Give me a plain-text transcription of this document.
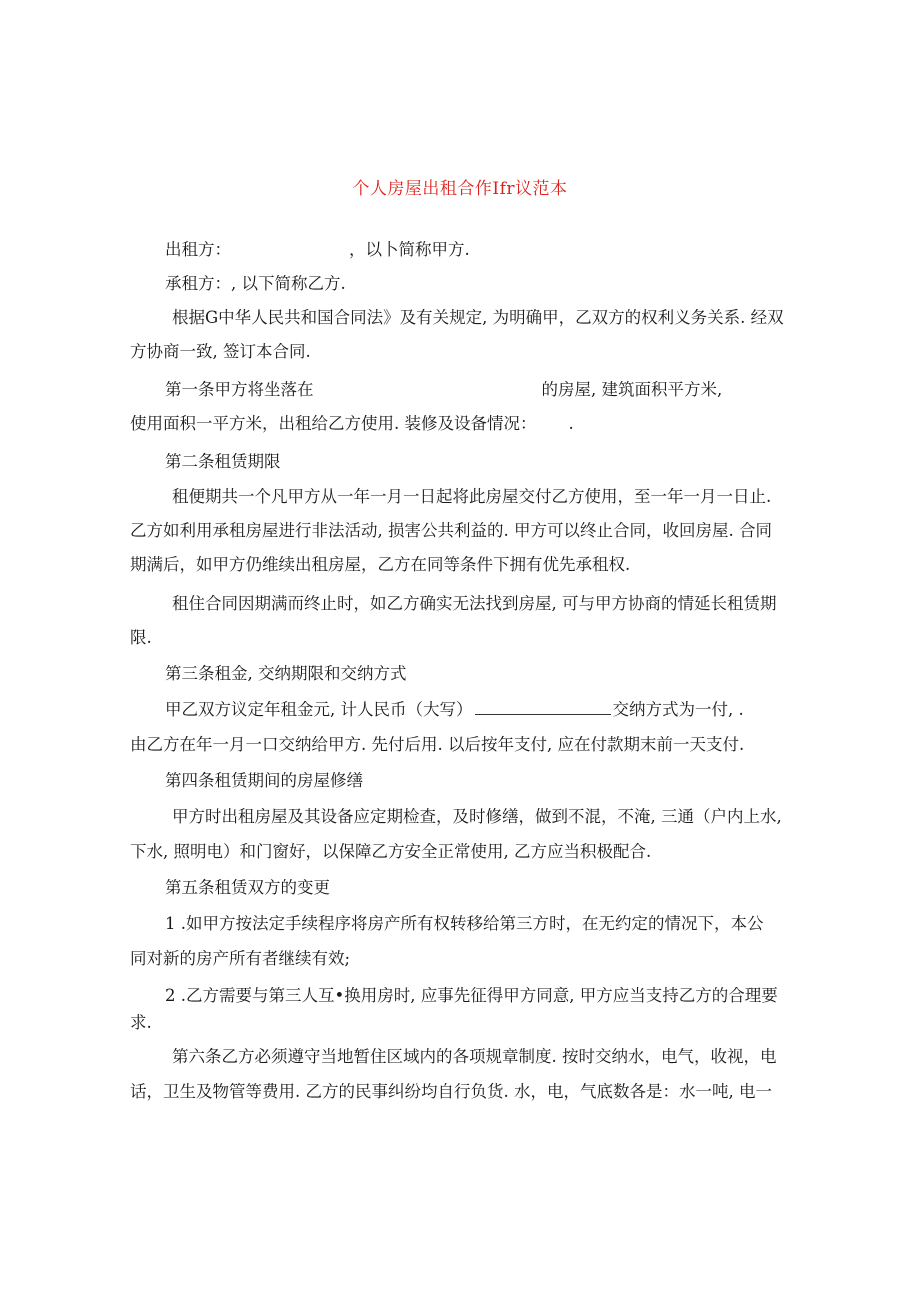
个人房屋出租合作Ifr议范本
出租方：	，以卜简称甲方.
承租方：, 以下简称乙方.
根据G中华人民共和国合同法》及有关规定, 为明确甲，乙双方的权利义务关系. 经双
方协商一致, 签订本合同.
第一条甲方将坐落在	的房屋, 建筑面积平方米,
使用面积一平方米，出租给乙方使用. 装修及设备情况： .
第二条租赁期限
租便期共一个凡甲方从一年一月一日起将此房屋交付乙方使用，至一年一月一日止.
乙方如利用承租房屋进行非法活动, 损害公共利益的. 甲方可以终止合同，收回房屋. 合同
期满后，如甲方仍维续出租房屋，乙方在同等条件下拥有优先承租权.
租住合同因期满而终止时，如乙方确实无法找到房屋, 可与甲方协商的情延长租赁期
限.
第三条租金, 交纳期限和交纳方式
甲乙双方议定年租金元, 计人民币（大写）	交纳方式为一付, .
由乙方在年一月一口交纳给甲方. 先付后用. 以后按年支付, 应在付款期末前一天支付.
第四条租赁期间的房屋修缮
甲方时出租房屋及其设备应定期检查，及时修缮，做到不混，不淹, 三通（户内上水,
下水, 照明电）和门窗好，以保障乙方安全正常使用, 乙方应当积极配合.
第五条租赁双方的变更
1 .如甲方按法定手续程序将房产所有权转移给第三方时，在无约定的情况下，本公
同对新的房产所有者继续有效;
2 .乙方需要与第三人互•换用房时, 应事先征得甲方同意, 甲方应当支持乙方的合理要
求.
第六条乙方必须遵守当地暂住区域内的各项规章制度. 按时交纳水，电气，收视，电
话，卫生及物管等费用. 乙方的民事纠纷均自行负货. 水，电，气底数各是：水一吨, 电一
